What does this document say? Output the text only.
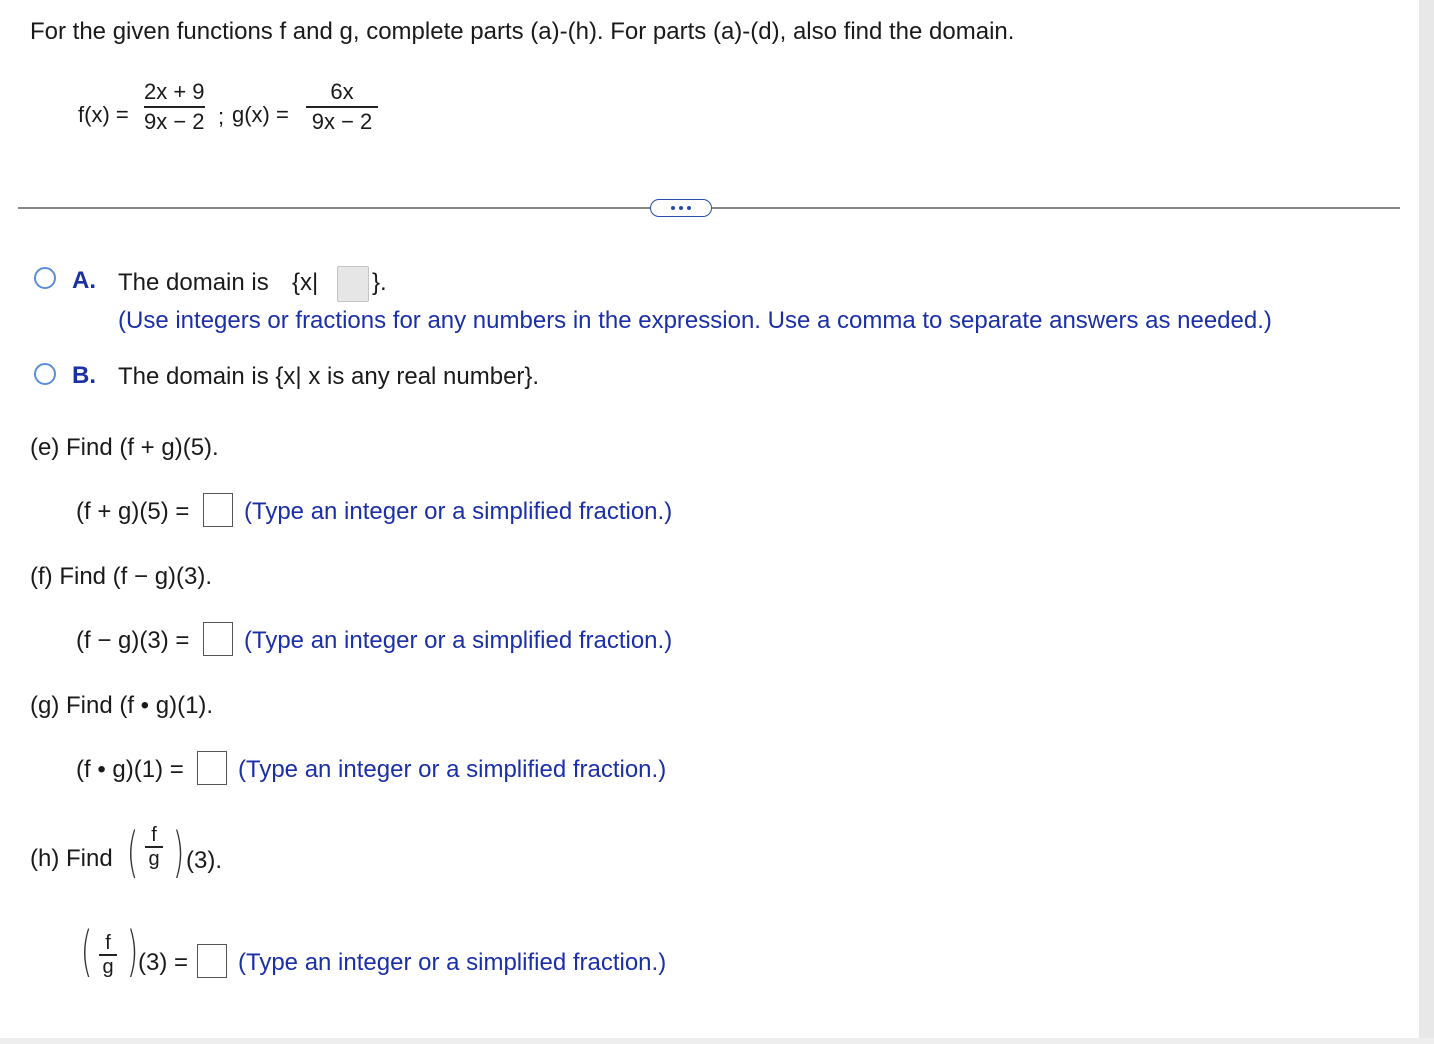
For the given functions f and g, complete parts (a)-(h). For parts (a)-(d), also find the domain.
f(x) =
2x + 9
9x − 2 ; g(x) =
6x
9x − 2
A. The domain is {x| }.
(Use integers or fractions for any numbers in the expression. Use a comma to separate answers as needed.)
B. The domain is {x| x is any real number}.
(e) Find (f + g)(5).
(f + g)(5) = (Type an integer or a simplified fraction.)
(f) Find (f − g)(3).
(f − g)(3) = (Type an integer or a simplified fraction.)
(g) Find (f • g)(1).
(f • g)(1) = (Type an integer or a simplified fraction.)
(h) Find ( f
g ) (3).
( f
g ) (3) = (Type an integer or a simplified fraction.)
